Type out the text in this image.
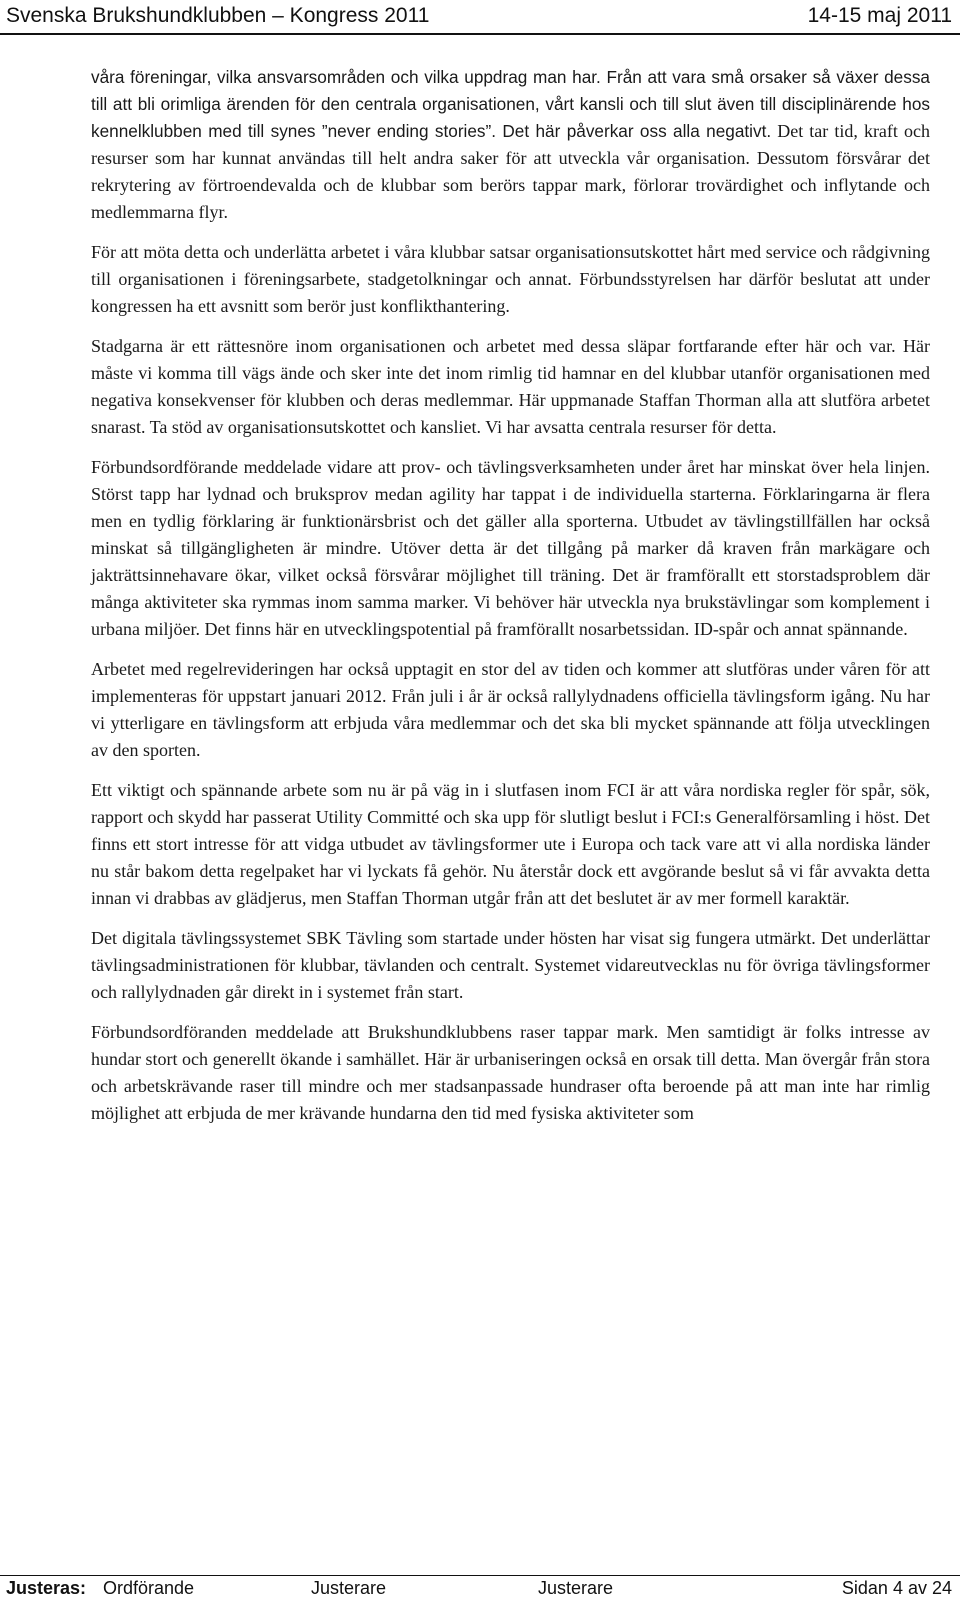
Svenska Brukshundklubben – Kongress 2011	14-15 maj 2011

våra föreningar, vilka ansvarsområden och vilka uppdrag man har. Från att vara små orsaker så växer dessa till att bli orimliga ärenden för den centrala organisationen, vårt kansli och till slut även till disciplinärende hos kennelklubben med till synes ”never ending stories”. Det här påverkar oss alla negativt. Det tar tid, kraft och resurser som har kunnat användas till helt andra saker för att utveckla vår organisation. Dessutom försvårar det rekrytering av förtroendevalda och de klubbar som berörs tappar mark, förlorar trovärdighet och inflytande och medlemmarna flyr.

För att möta detta och underlätta arbetet i våra klubbar satsar organisationsutskottet hårt med service och rådgivning till organisationen i föreningsarbete, stadgetolkningar och annat. Förbundsstyrelsen har därför beslutat att under kongressen ha ett avsnitt som berör just konflikthantering.

Stadgarna är ett rättesnöre inom organisationen och arbetet med dessa släpar fortfarande efter här och var. Här måste vi komma till vägs ände och sker inte det inom rimlig tid hamnar en del klubbar utanför organisationen med negativa konsekvenser för klubben och deras medlemmar. Här uppmanade Staffan Thorman alla att slutföra arbetet snarast. Ta stöd av organisationsutskottet och kansliet. Vi har avsatta centrala resurser för detta.

Förbundsordförande meddelade vidare att prov- och tävlingsverksamheten under året har minskat över hela linjen. Störst tapp har lydnad och bruksprov medan agility har tappat i de individuella starterna. Förklaringarna är flera men en tydlig förklaring är funktionärsbrist och det gäller alla sporterna. Utbudet av tävlingstillfällen har också minskat så tillgängligheten är mindre. Utöver detta är det tillgång på marker då kraven från markägare och jakträttsinnehavare ökar, vilket också försvårar möjlighet till träning. Det är framförallt ett storstadsproblem där många aktiviteter ska rymmas inom samma marker. Vi behöver här utveckla nya brukstävlingar som komplement i urbana miljöer. Det finns här en utvecklingspotential på framförallt nosarbetssidan. ID-spår och annat spännande.

Arbetet med regelrevideringen har också upptagit en stor del av tiden och kommer att slutföras under våren för att implementeras för uppstart januari 2012. Från juli i år är också rallylydnadens officiella tävlingsform igång. Nu har vi ytterligare en tävlingsform att erbjuda våra medlemmar och det ska bli mycket spännande att följa utvecklingen av den sporten.

Ett viktigt och spännande arbete som nu är på väg in i slutfasen inom FCI är att våra nordiska regler för spår, sök, rapport och skydd har passerat Utility Committé och ska upp för slutligt beslut i FCI:s Generalförsamling i höst. Det finns ett stort intresse för att vidga utbudet av tävlingsformer ute i Europa och tack vare att vi alla nordiska länder nu står bakom detta regelpaket har vi lyckats få gehör. Nu återstår dock ett avgörande beslut så vi får avvakta detta innan vi drabbas av glädjerus, men Staffan Thorman utgår från att det beslutet är av mer formell karaktär.

Det digitala tävlingssystemet SBK Tävling som startade under hösten har visat sig fungera utmärkt. Det underlättar tävlingsadministrationen för klubbar, tävlanden och centralt. Systemet vidareutvecklas nu för övriga tävlingsformer och rallylydnaden går direkt in i systemet från start.

Förbundsordföranden meddelade att Brukshundklubbens raser tappar mark. Men samtidigt är folks intresse av hundar stort och generellt ökande i samhället. Här är urbaniseringen också en orsak till detta. Man övergår från stora och arbetskrävande raser till mindre och mer stadsanpassade hundraser ofta beroende på att man inte har rimlig möjlighet att erbjuda de mer krävande hundarna den tid med fysiska aktiviteter som

Justeras: Ordförande	Justerare	Justerare	Sidan 4 av 24
